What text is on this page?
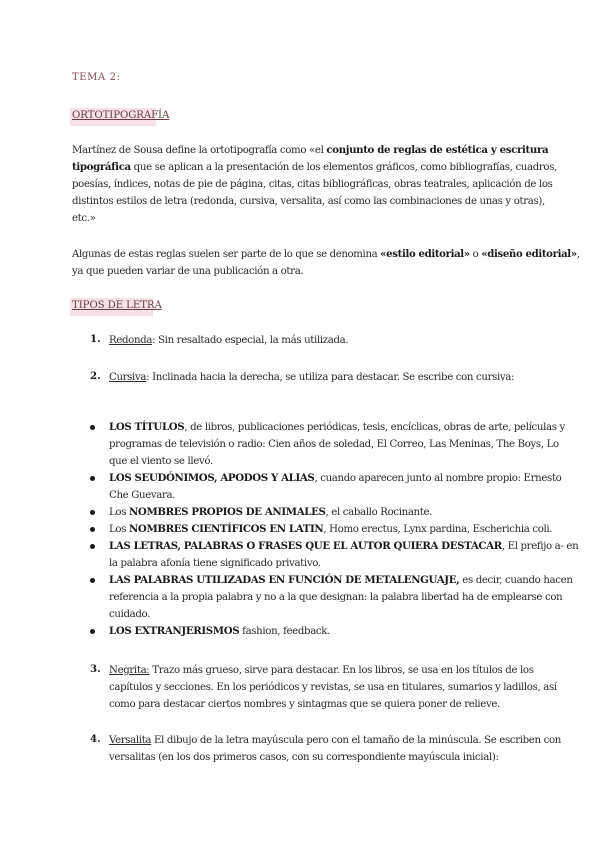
TEMA 2:
ORTOTIPOGRAFÍA
Martínez de Sousa define la ortotipografía como «el conjunto de reglas de estética y escritura
tipográfica que se aplican a la presentación de los elementos gráficos, como bibliografías, cuadros,
poesías, índices, notas de pie de página, citas, citas bibliográficas, obras teatrales, aplicación de los
distintos estilos de letra (redonda, cursiva, versalita, así como las combinaciones de unas y otras),
etc.»
Algunas de estas reglas suelen ser parte de lo que se denomina «estilo editorial» o «diseño editorial»,
ya que pueden variar de una publicación a otra.
TIPOS DE LETRA
1. Redonda: Sin resaltado especial, la más utilizada.
2. Cursiva: Inclinada hacia la derecha, se utiliza para destacar. Se escribe con cursiva:
LOS TÍTULOS, de libros, publicaciones periódicas, tesis, encíclicas, obras de arte, películas y
programas de televisión o radio: Cien años de soledad, El Correo, Las Meninas, The Boys, Lo
que el viento se llevó.
LOS SEUDÓNIMOS, APODOS Y ALIAS, cuando aparecen junto al nombre propio: Ernesto
Che Guevara.
Los NOMBRES PROPIOS DE ANIMALES, el caballo Rocinante.
Los NOMBRES CIENTÍFICOS EN LATIN, Homo erectus, Lynx pardina, Escherichia coli.
LAS LETRAS, PALABRAS O FRASES QUE EL AUTOR QUIERA DESTACAR, El prefijo a- en
la palabra afonía tiene significado privativo.
LAS PALABRAS UTILIZADAS EN FUNCIÓN DE METALENGUAJE, es decir, cuando hacen
referencia a la propia palabra y no a la que designan: la palabra libertad ha de emplearse con
cuidado.
LOS EXTRANJERISMOS fashion, feedback.
3. Negrita: Trazo más grueso, sirve para destacar. En los libros, se usa en los títulos de los
capítulos y secciones. En los periódicos y revistas, se usa en titulares, sumarios y ladillos, así
como para destacar ciertos nombres y sintagmas que se quiera poner de relieve.
4. Versalita El dibujo de la letra mayúscula pero con el tamaño de la minúscula. Se escriben con
versalitas (en los dos primeros casos, con su correspondiente mayúscula inicial):
